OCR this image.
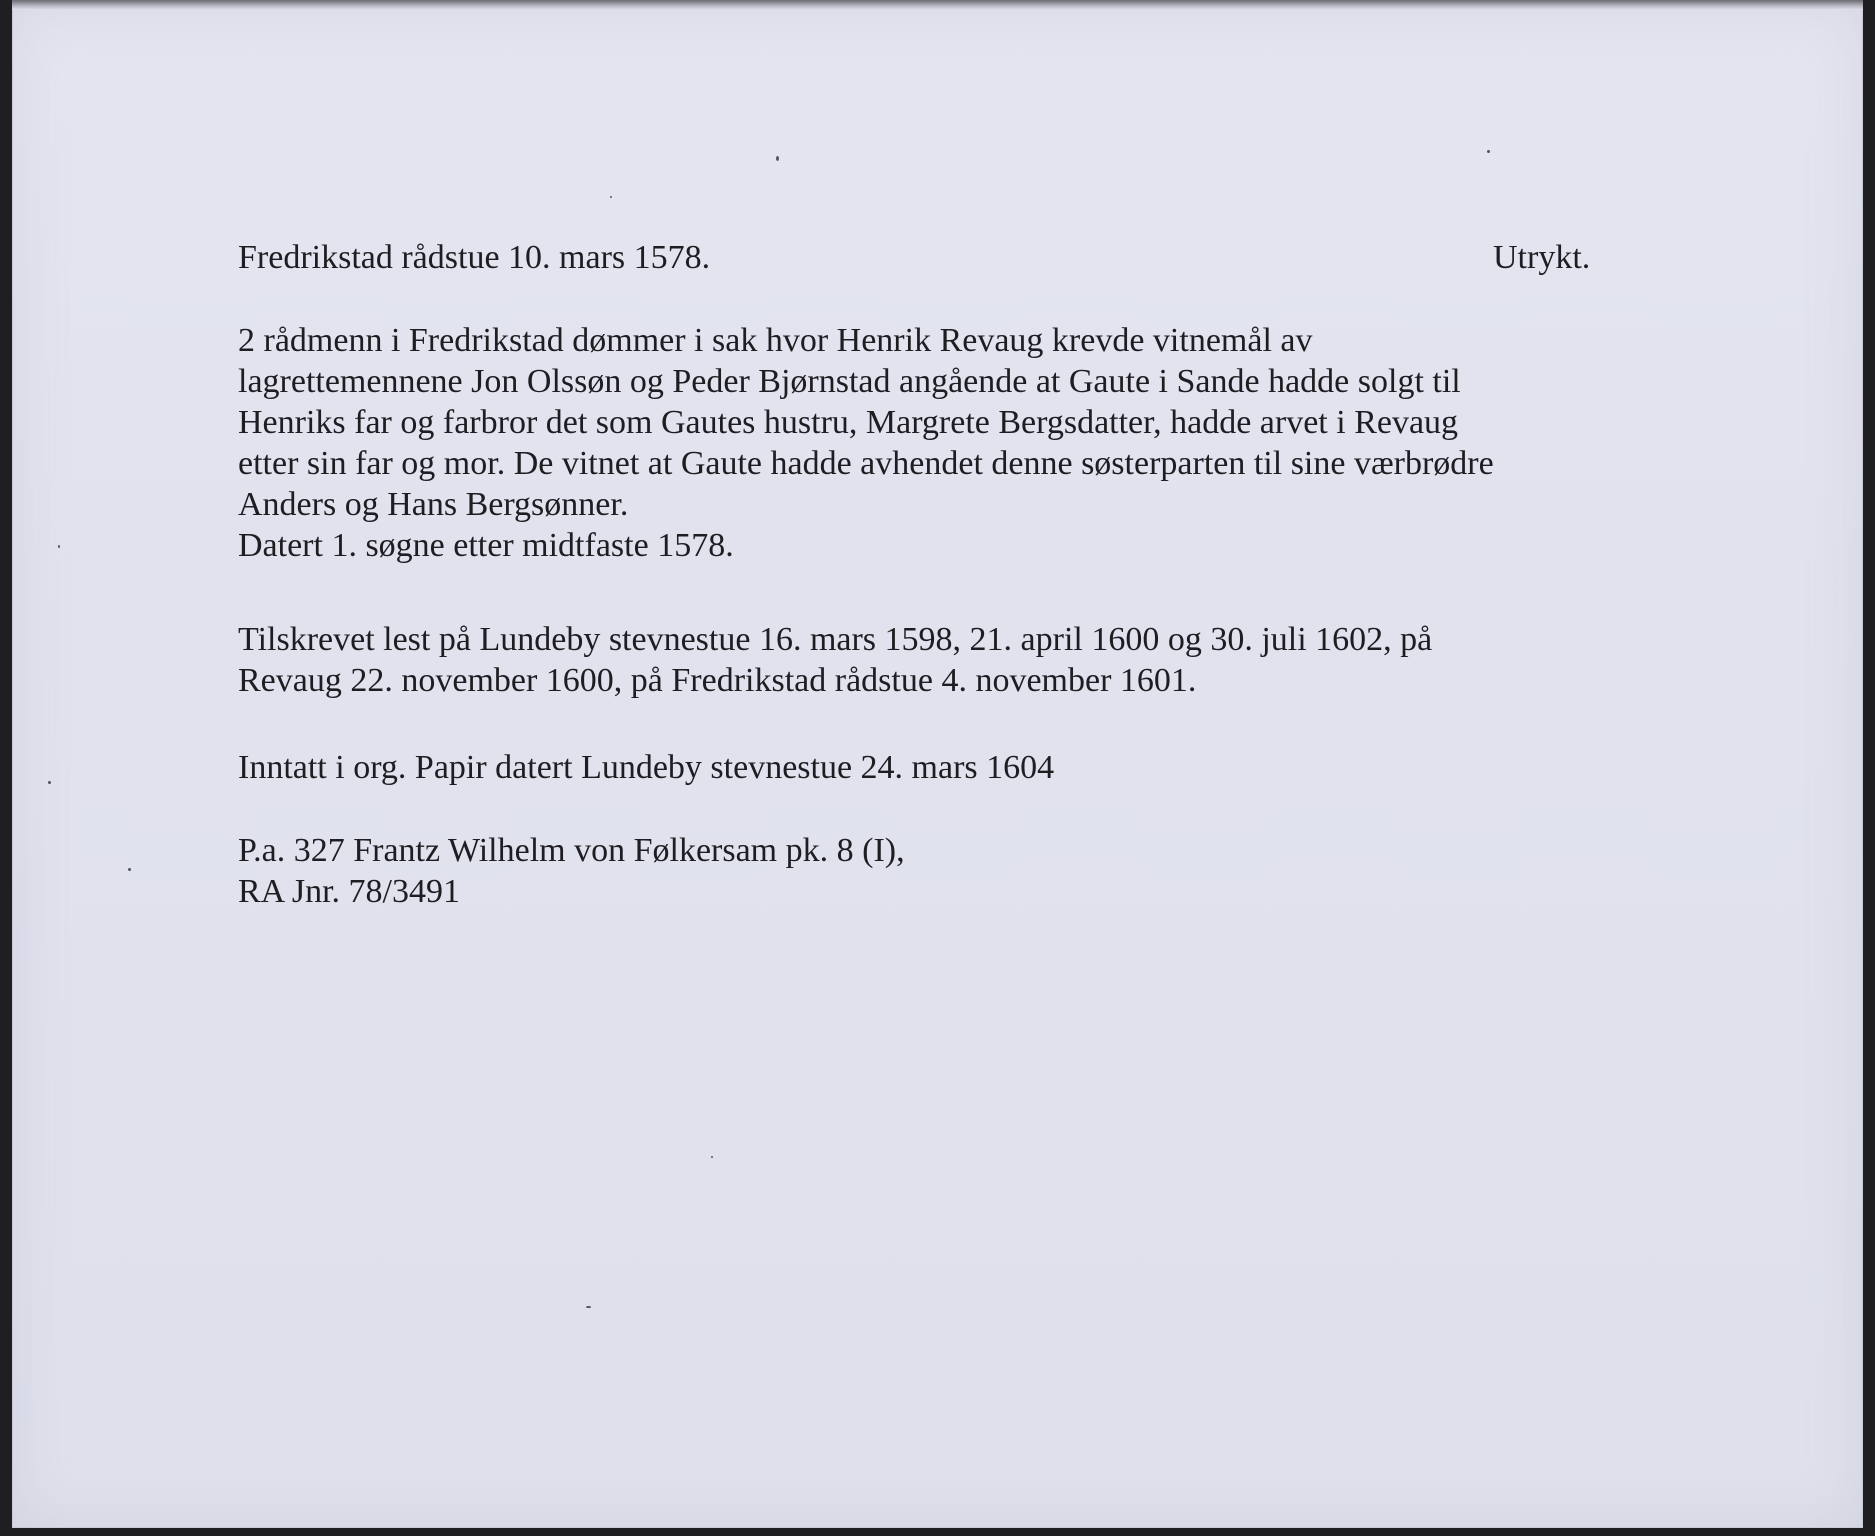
Fredrikstad rådstue 10. mars 1578.	Utrykt.
2 rådmenn i Fredrikstad dømmer i sak hvor Henrik Revaug krevde vitnemål av
lagrettemennene Jon Olssøn og Peder Bjørnstad angående at Gaute i Sande hadde solgt til
Henriks far og farbror det som Gautes hustru, Margrete Bergsdatter, hadde arvet i Revaug
etter sin far og mor. De vitnet at Gaute hadde avhendet denne søsterparten til sine værbrødre
Anders og Hans Bergsønner.
Datert 1. søgne etter midtfaste 1578.
Tilskrevet lest på Lundeby stevnestue 16. mars 1598, 21. april 1600 og 30. juli 1602, på
Revaug 22. november 1600, på Fredrikstad rådstue 4. november 1601.
Inntatt i org. Papir datert Lundeby stevnestue 24. mars 1604
P.a. 327 Frantz Wilhelm von Følkersam pk. 8 (I),
RA Jnr. 78/3491
